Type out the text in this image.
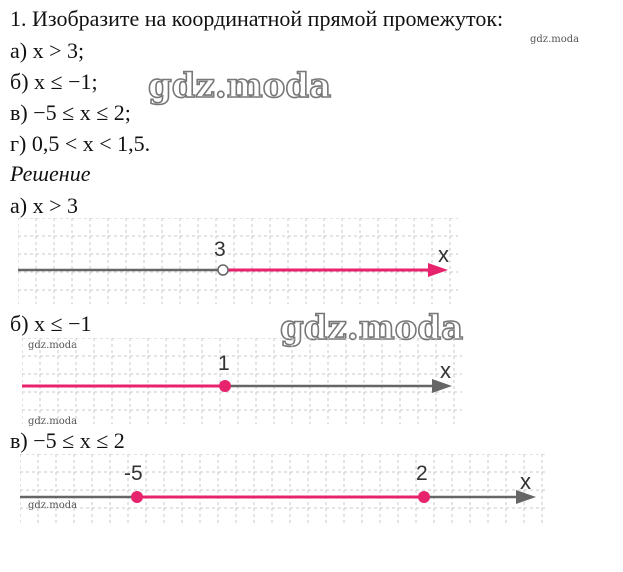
1. Изобразите на координатной прямой промежуток:
gdz.moda
а) x > 3;
б) x ≤ −1; gdz.moda
в) −5 ≤ x ≤ 2;
г) 0,5 < x < 1,5.
Решение
а) x > 3
3	x
б) x ≤ −1	gdz.moda
gdz.moda
1	x
gdz.moda
в) −5 ≤ x ≤ 2
-5	2	x
gdz.moda
